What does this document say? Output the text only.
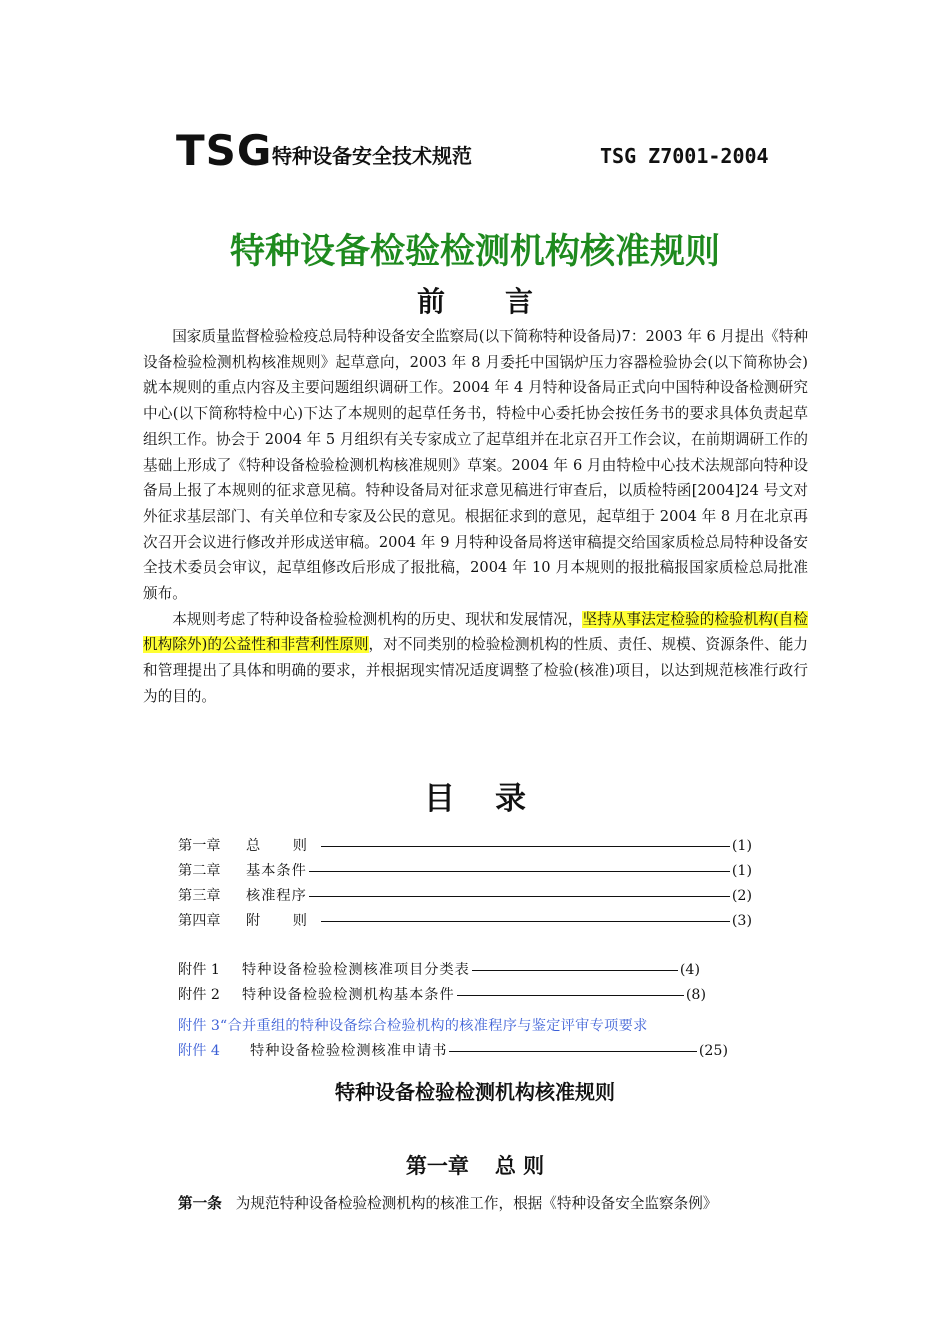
TSG 特种设备安全技术规范	TSG Z7001-2004
特种设备检验检测机构核准规则
前言

国家质量监督检验检疫总局特种设备安全监察局(以下简称特种设备局)7：2003 年 6 月提出《特种设备检验检测机构核准规则》起草意向，2003 年 8 月委托中国锅炉压力容器检验协会(以下简称协会)就本规则的重点内容及主要问题组织调研工作。2004 年 4 月特种设备局正式向中国特种设备检测研究中心(以下简称特检中心)下达了本规则的起草任务书，特检中心委托协会按任务书的要求具体负责起草组织工作。协会于 2004 年 5 月组织有关专家成立了起草组并在北京召开工作会议，在前期调研工作的基础上形成了《特种设备检验检测机构核准规则》草案。2004 年 6 月由特检中心技术法规部向特种设备局上报了本规则的征求意见稿。特种设备局对征求意见稿进行审查后，以质检特函[2004]24 号文对外征求基层部门、有关单位和专家及公民的意见。根据征求到的意见，起草组于 2004 年 8 月在北京再次召开会议进行修改并形成送审稿。2004 年 9 月特种设备局将送审稿提交给国家质检总局特种设备安全技术委员会审议，起草组修改后形成了报批稿，2004 年 10 月本规则的报批稿报国家质检总局批准颁布。

本规则考虑了特种设备检验检测机构的历史、现状和发展情况，坚持从事法定检验的检验机构(自检机构除外)的公益性和非营利性原则，对不同类别的检验检测机构的性质、责任、规模、资源条件、能力和管理提出了具体和明确的要求，并根据现实情况适度调整了检验(核准)项目，以达到规范核准行政行为的目的。

目录
第一章	总 则	(1)
第二章	基本条件	(1)
第三章	核准程序	(2)
第四章	附 则	(3)
附件 1	特种设备检验检测核准项目分类表	(4)
附件 2	特种设备检验检测机构基本条件	(8)
附件 3 “合并重组的特种设备综合检验机构的核准程序与鉴定评审专项要求
附件 4	特种设备检验检测核准申请书	(25)
特种设备检验检测机构核准规则
第一章 总 则
第一条 为规范特种设备检验检测机构的核准工作，根据《特种设备安全监察条例》
